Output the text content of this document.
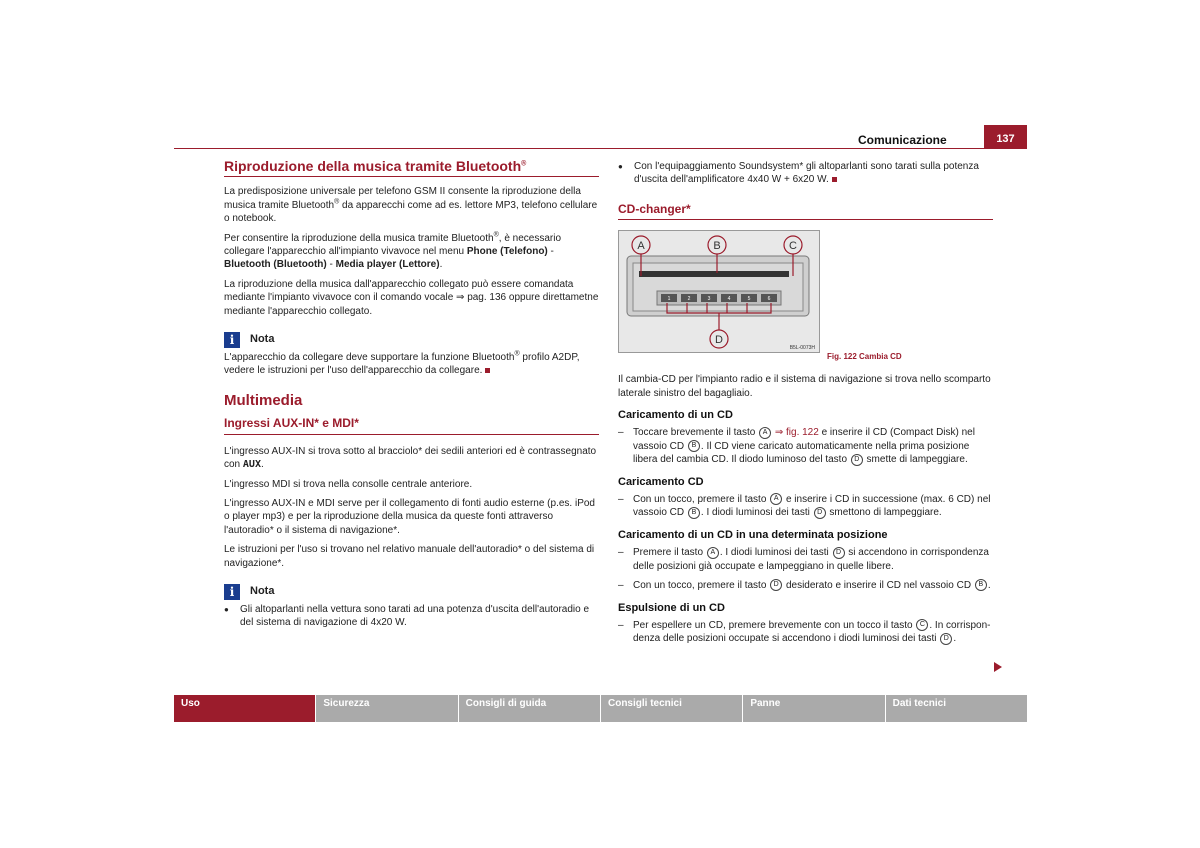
Comunicazione	137
Riproduzione della musica tramite Bluetooth®

La predisposizione universale per telefono GSM II consente la riproduzione della musica tramite Bluetooth® da apparecchi come ad es. lettore MP3, telefono cellulare o notebook.

Per consentire la riproduzione della musica tramite Bluetooth®, è necessario collegare l'apparecchio all'impianto vivavoce nel menu Phone (Telefono) - Bluetooth (Bluetooth) - Media player (Lettore).

La riproduzione della musica dall'apparecchio collegato può essere comandata mediante l'impianto vivavoce con il comando vocale ⇒ pag. 136 oppure direttametne mediante l'apparecchio collegato.

i	Nota

L'apparecchio da collegare deve supportare la funzione Bluetooth® profilo A2DP, vedere le istruzioni per l'uso dell'apparecchio da collegare.

Multimedia
Ingressi AUX-IN* e MDI*

L'ingresso AUX-IN si trova sotto al bracciolo* dei sedili anteriori ed è contrassegnato con AUX.

L'ingresso MDI si trova nella consolle centrale anteriore.

L'ingresso AUX-IN e MDI serve per il collegamento di fonti audio esterne (p.es. iPod o player mp3) e per la riproduzione della musica da queste fonti attraverso l'autoradio* o il sistema di navigazione*.

Le istruzioni per l'uso si trovano nel relativo manuale dell'autoradio* o del sistema di navigazione*.

i	Nota
●	Gli altoparlanti nella vettura sono tarati ad una potenza d'uscita dell'autoradio e del sistema di navigazione di 4x20 W.
●	Con l'equipaggiamento Soundsystem* gli altoparlanti sono tarati sulla potenza d'uscita dell'amplificatore 4x40 W + 6x20 W.
CD-changer*
A	B	C
D
1	2	3	4	5	6
B5L-0073H

Il cambia-CD per l'impianto radio e il sistema di navigazione si trova nello scomparto laterale sinistro del bagagliaio.

Caricamento di un CD
– Toccare brevemente il tasto A ⇒ fig. 122 e inserire il CD (Compact Disk) nel vassoio CD B . Il CD viene caricato automaticamente nella prima posizione libera del cambia CD. Il diodo luminoso del tasto D smette di lampeggiare.
Caricamento CD
– Con un tocco, premere il tasto A e inserire i CD in successione (max. 6 CD) nel vassoio CD B . I diodi luminosi dei tasti D smettono di lampeggiare.
Caricamento di un CD in una determinata posizione
– Premere il tasto A . I diodi luminosi dei tasti D si accendono in corrispondenza delle posizioni già occupate e lampeggiano in quelle libere.
– Con un tocco, premere il tasto D desiderato e inserire il CD nel vassoio CD B .
Espulsione di un CD
– Per espellere un CD, premere brevemente con un tocco il tasto C . In corrispon-denza delle posizioni occupate si accendono i diodi luminosi dei tasti D .
Fig. 122 Cambia CD
Uso	Sicurezza	Consigli di guida	Consigli tecnici	Panne	Dati tecnici
